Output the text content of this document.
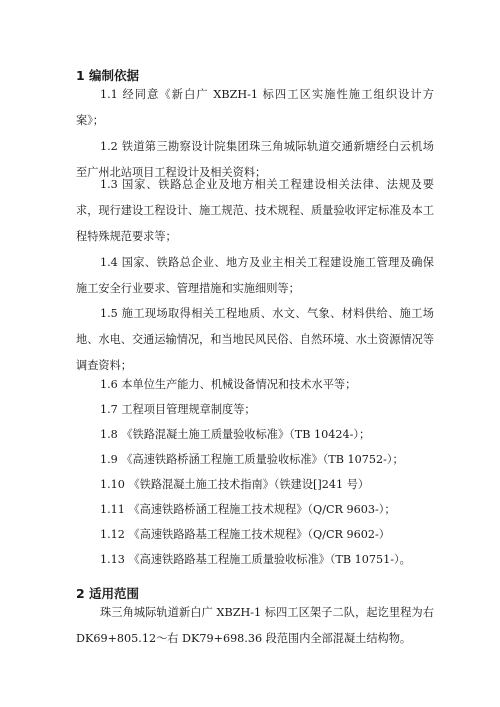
1 编制依据
1.1 经同意《新白广 XBZH-1 标四工区实施性施工组织设计方案》；
1.2 铁道第三勘察设计院集团珠三角城际轨道交通新塘经白云机场至广州北站项目工程设计及相关资料；
1.3 国家、铁路总企业及地方相关工程建设相关法律、法规及要求，现行建设工程设计、施工规范、技术规程、质量验收评定标准及本工程特殊规范要求等；
1.4 国家、铁路总企业、地方及业主相关工程建设施工管理及确保施工安全行业要求、管理措施和实施细则等；
1.5 施工现场取得相关工程地质、水文、气象、材料供给、施工场地、水电、交通运输情况，和当地民风民俗、自然环境、水土资源情况等调查资料；
1.6 本单位生产能力、机械设备情况和技术水平等；
1.7 工程项目管理规章制度等；
1.8 《铁路混凝土施工质量验收标准》（TB 10424-）；
1.9 《高速铁路桥涵工程施工质量验收标准》（TB 10752-）；
1.10 《铁路混凝土施工技术指南》（铁建设[]241 号）
1.11 《高速铁路桥涵工程施工技术规程》（Q/CR 9603-）；
1.12 《高速铁路路基工程施工技术规程》（Q/CR 9602-）
1.13 《高速铁路路基工程施工质量验收标准》（TB 10751-）。
2 适用范围
珠三角城际轨道新白广 XBZH-1 标四工区架子二队，起讫里程为右 DK69+805.12～右 DK79+698.36 段范围内全部混凝土结构物。
